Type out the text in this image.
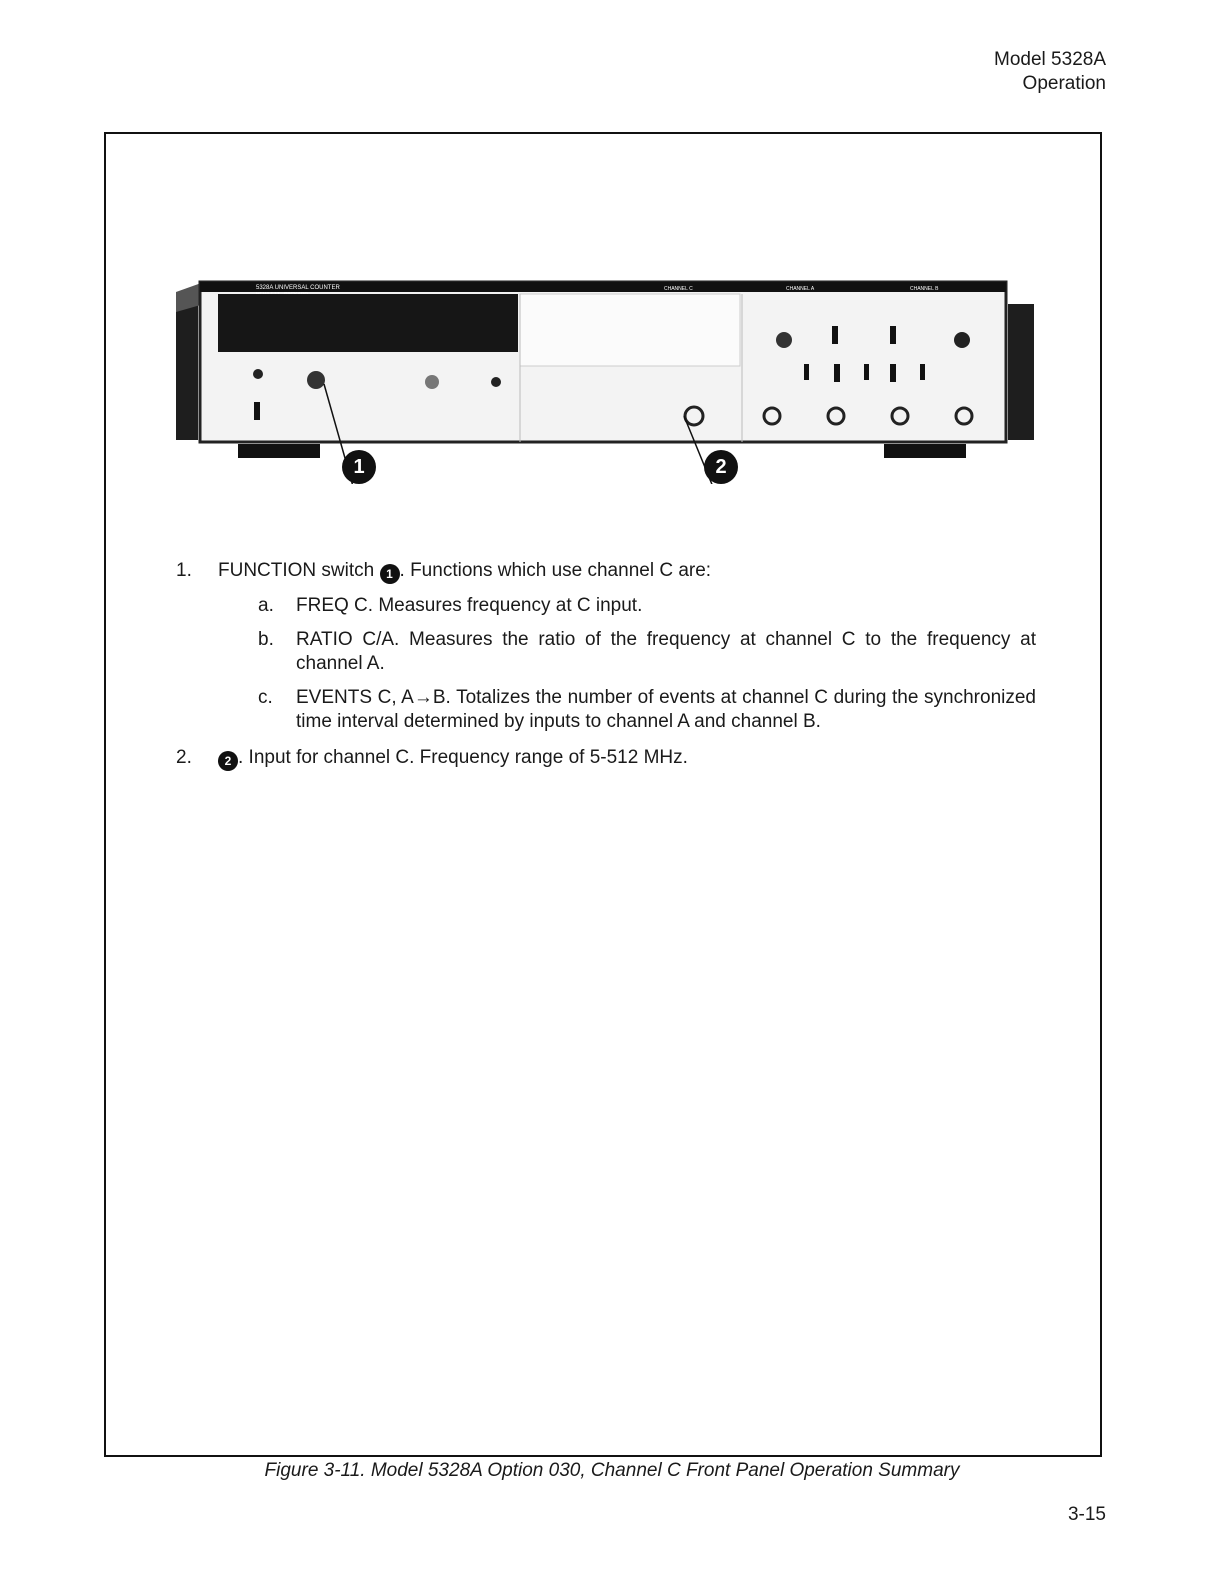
Model 5328A
Operation
5328A UNIVERSAL COUNTER	CHANNEL C	CHANNEL A	CHANNEL B
1	2
1. FUNCTION switch 1 . Functions which use channel C are:
a. FREQ C. Measures frequency at C input.
b. RATIO C/A. Measures the ratio of the frequency at channel C to the frequency at channel A.
c. EVENTS C, A→B. Totalizes the number of events at channel C during the synchronized time interval determined by inputs to channel A and channel B.
2.	2 . Input for channel C. Frequency range of 5-512 MHz.
Figure 3-11. Model 5328A Option 030, Channel C Front Panel Operation Summary
3-15
